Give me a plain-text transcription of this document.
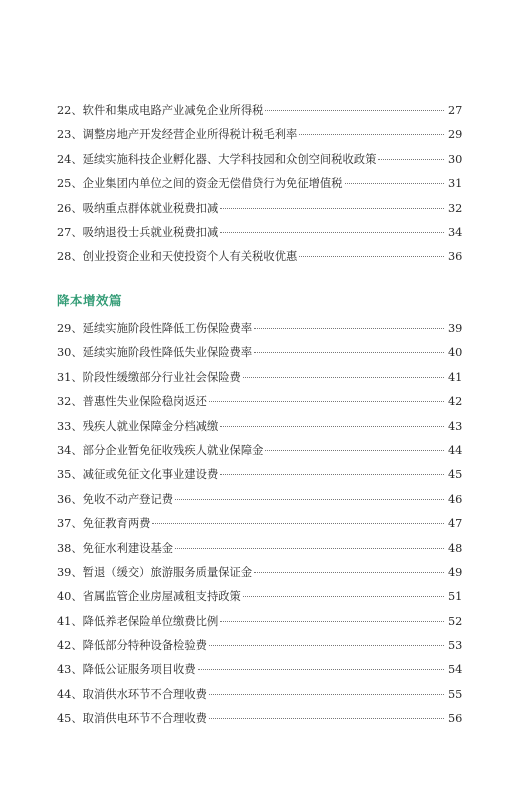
22、 软件和集成电路产业减免企业所得税	27
23、 调整房地产开发经营企业所得税计税毛利率	29
24、 延续实施科技企业孵化器、大学科技园和众创空间税收政策	30
25、 企业集团内单位之间的资金无偿借贷行为免征增值税	31
26、 吸纳重点群体就业税费扣减	32
27、 吸纳退役士兵就业税费扣减	34
28、 创业投资企业和天使投资个人有关税收优惠	36
降本增效篇
29、 延续实施阶段性降低工伤保险费率	39
30、 延续实施阶段性降低失业保险费率	40
31、 阶段性缓缴部分行业社会保险费	41
32、 普惠性失业保险稳岗返还	42
33、 残疾人就业保障金分档减缴	43
34、 部分企业暂免征收残疾人就业保障金	44
35、 减征或免征文化事业建设费	45
36、 免收不动产登记费	46
37、 免征教育两费	47
38、 免征水利建设基金	48
39、 暂退（缓交）旅游服务质量保证金	49
40、 省属监管企业房屋减租支持政策	51
41、 降低养老保险单位缴费比例	52
42、 降低部分特种设备检验费	53
43、 降低公证服务项目收费	54
44、 取消供水环节不合理收费	55
45、 取消供电环节不合理收费	56
